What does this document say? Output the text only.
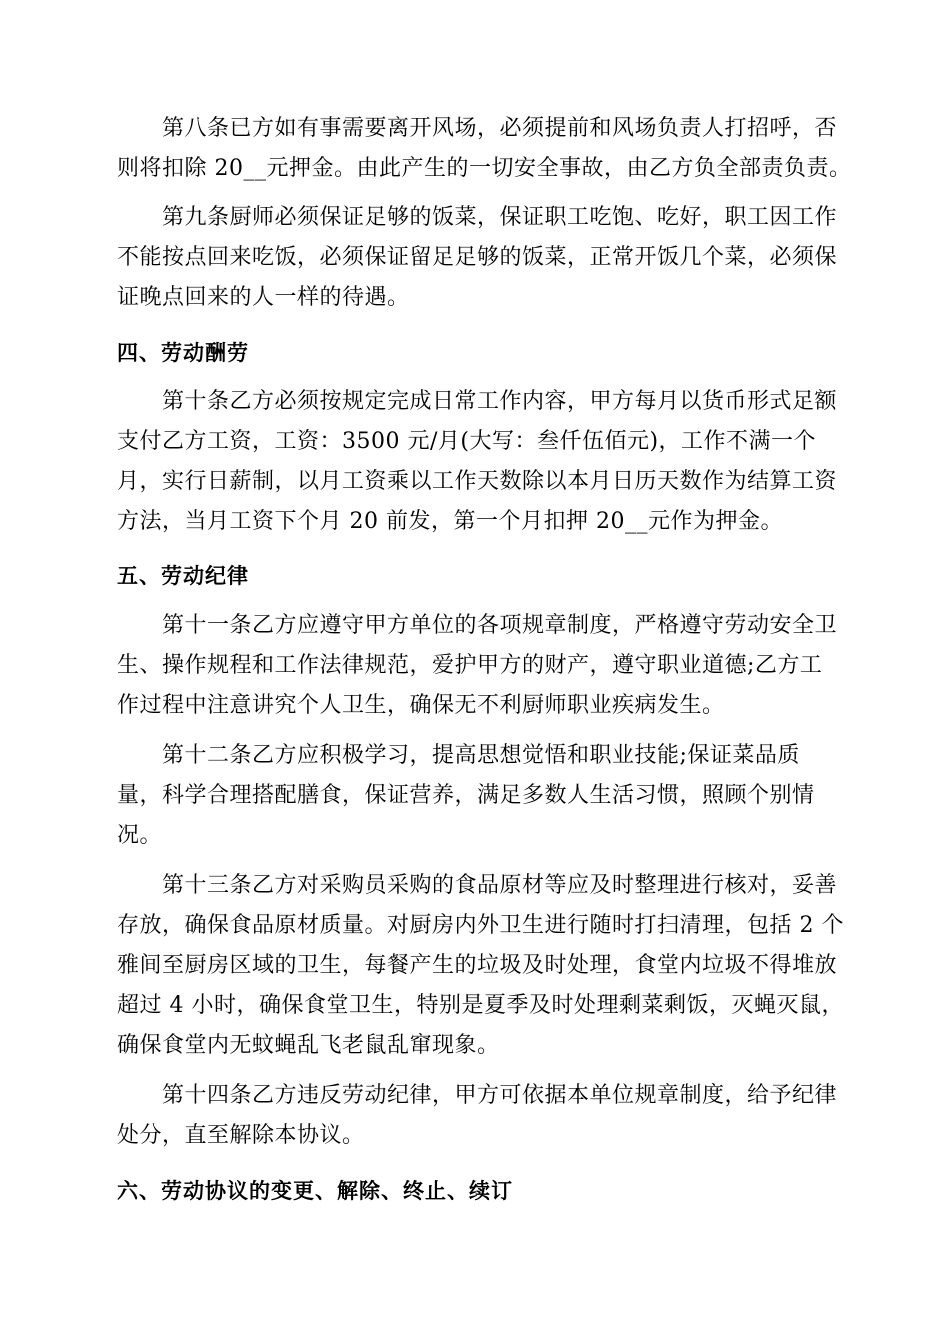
第八条已方如有事需要离开风场，必须提前和风场负责人打招呼，否
则将扣除 20__元押金。由此产生的一切安全事故，由乙方负全部责负责。
第九条厨师必须保证足够的饭菜，保证职工吃饱、吃好，职工因工作
不能按点回来吃饭，必须保证留足足够的饭菜，正常开饭几个菜，必须保
证晚点回来的人一样的待遇。
四、劳动酬劳
第十条乙方必须按规定完成日常工作内容，甲方每月以货币形式足额
支付乙方工资，工资：3500 元/月(大写：叁仟伍佰元)，工作不满一个
月，实行日薪制，以月工资乘以工作天数除以本月日历天数作为结算工资
方法，当月工资下个月 20 前发，第一个月扣押 20__元作为押金。
五、劳动纪律
第十一条乙方应遵守甲方单位的各项规章制度，严格遵守劳动安全卫
生、操作规程和工作法律规范，爱护甲方的财产，遵守职业道德;乙方工
作过程中注意讲究个人卫生，确保无不利厨师职业疾病发生。
第十二条乙方应积极学习，提高思想觉悟和职业技能;保证菜品质
量，科学合理搭配膳食，保证营养，满足多数人生活习惯，照顾个别情
况。
第十三条乙方对采购员采购的食品原材等应及时整理进行核对，妥善
存放，确保食品原材质量。对厨房内外卫生进行随时打扫清理，包括 2 个
雅间至厨房区域的卫生，每餐产生的垃圾及时处理，食堂内垃圾不得堆放
超过 4 小时，确保食堂卫生，特别是夏季及时处理剩菜剩饭，灭蝇灭鼠，
确保食堂内无蚊蝇乱飞老鼠乱窜现象。
第十四条乙方违反劳动纪律，甲方可依据本单位规章制度，给予纪律
处分，直至解除本协议。
六、劳动协议的变更、解除、终止、续订
